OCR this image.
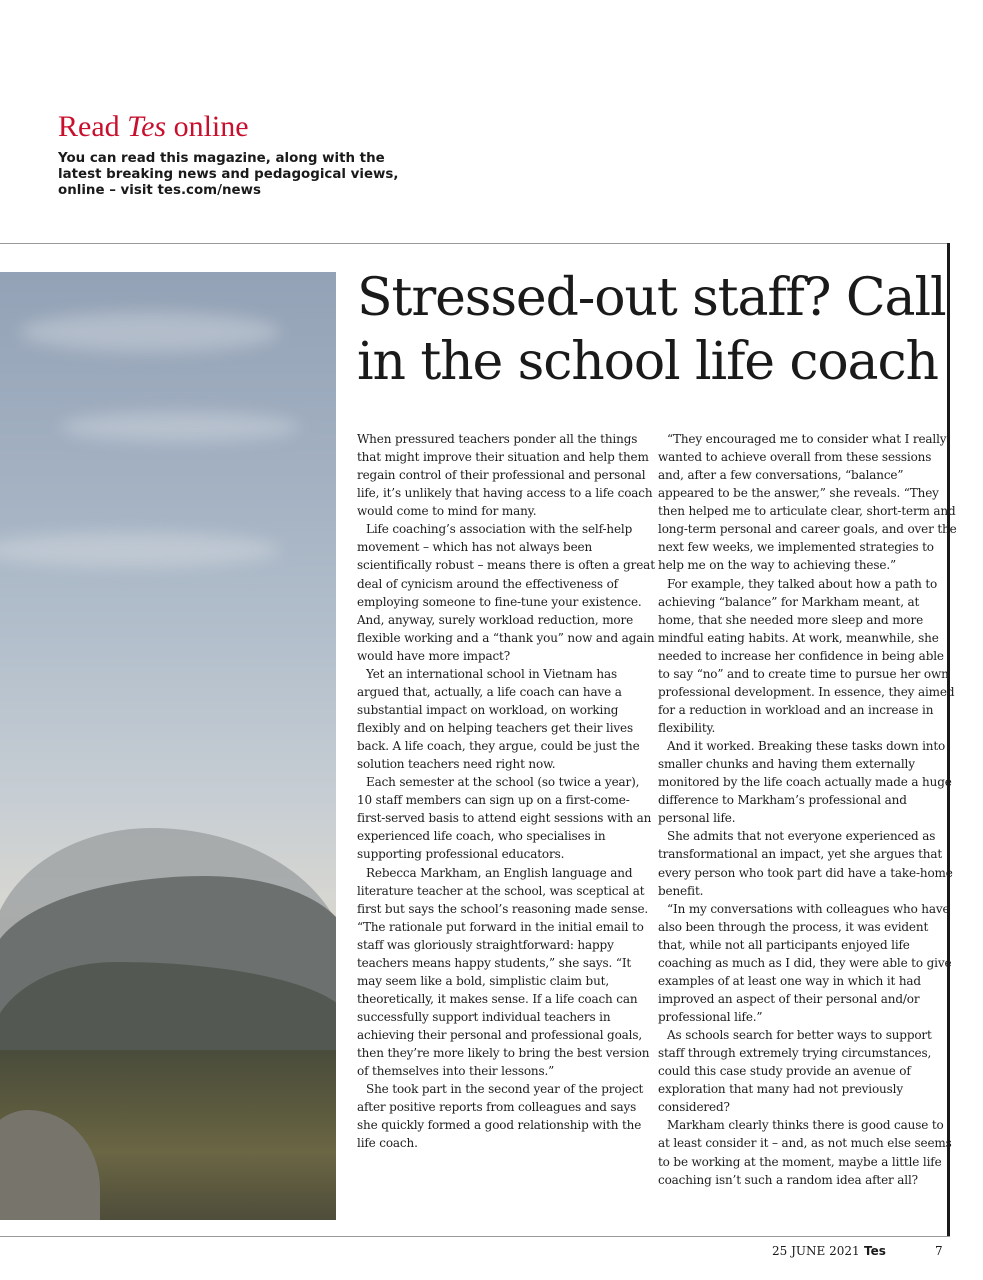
Read Tes online

You can read this magazine, along with the latest breaking news and pedagogical views, online – visit tes.com/news

Stressed-out staff? Call in the school life coach

When pressured teachers ponder all the things that might improve their situation and help them regain control of their professional and personal life, it’s unlikely that having access to a life coach would come to mind for many.

Life coaching’s association with the self-help movement – which has not always been scientifically robust – means there is often a great deal of cynicism around the effectiveness of employing someone to fine-tune your existence. And, anyway, surely workload reduction, more flexible working and a “thank you” now and again would have more impact?

Yet an international school in Vietnam has argued that, actually, a life coach can have a substantial impact on workload, on working flexibly and on helping teachers get their lives back. A life coach, they argue, could be just the solution teachers need right now.

Each semester at the school (so twice a year), 10 staff members can sign up on a first-come-first-served basis to attend eight sessions with an experienced life coach, who specialises in supporting professional educators.

Rebecca Markham, an English language and literature teacher at the school, was sceptical at first but says the school’s reasoning made sense. “The rationale put forward in the initial email to staff was gloriously straightforward: happy teachers means happy students,” she says. “It may seem like a bold, simplistic claim but, theoretically, it makes sense. If a life coach can successfully support individual teachers in achieving their personal and professional goals, then they’re more likely to bring the best version of themselves into their lessons.”

She took part in the second year of the project after positive reports from colleagues and says she quickly formed a good relationship with the life coach.

“They encouraged me to consider what I really wanted to achieve overall from these sessions and, after a few conversations, “balance” appeared to be the answer,” she reveals. “They then helped me to articulate clear, short-term and long-term personal and career goals, and over the next few weeks, we implemented strategies to help me on the way to achieving these.”

For example, they talked about how a path to achieving “balance” for Markham meant, at home, that she needed more sleep and more mindful eating habits. At work, meanwhile, she needed to increase her confidence in being able to say “no” and to create time to pursue her own professional development. In essence, they aimed for a reduction in workload and an increase in flexibility.

And it worked. Breaking these tasks down into smaller chunks and having them externally monitored by the life coach actually made a huge difference to Markham’s professional and personal life.

She admits that not everyone experienced as transformational an impact, yet she argues that every person who took part did have a take-home benefit.

“In my conversations with colleagues who have also been through the process, it was evident that, while not all participants enjoyed life coaching as much as I did, they were able to give examples of at least one way in which it had improved an aspect of their personal and/or professional life.”

As schools search for better ways to support staff through extremely trying circumstances, could this case study provide an avenue of exploration that many had not previously considered?

Markham clearly thinks there is good cause to at least consider it – and, as not much else seems to be working at the moment, maybe a little life coaching isn’t such a random idea after all?

25 JUNE 2021 Tes	7
